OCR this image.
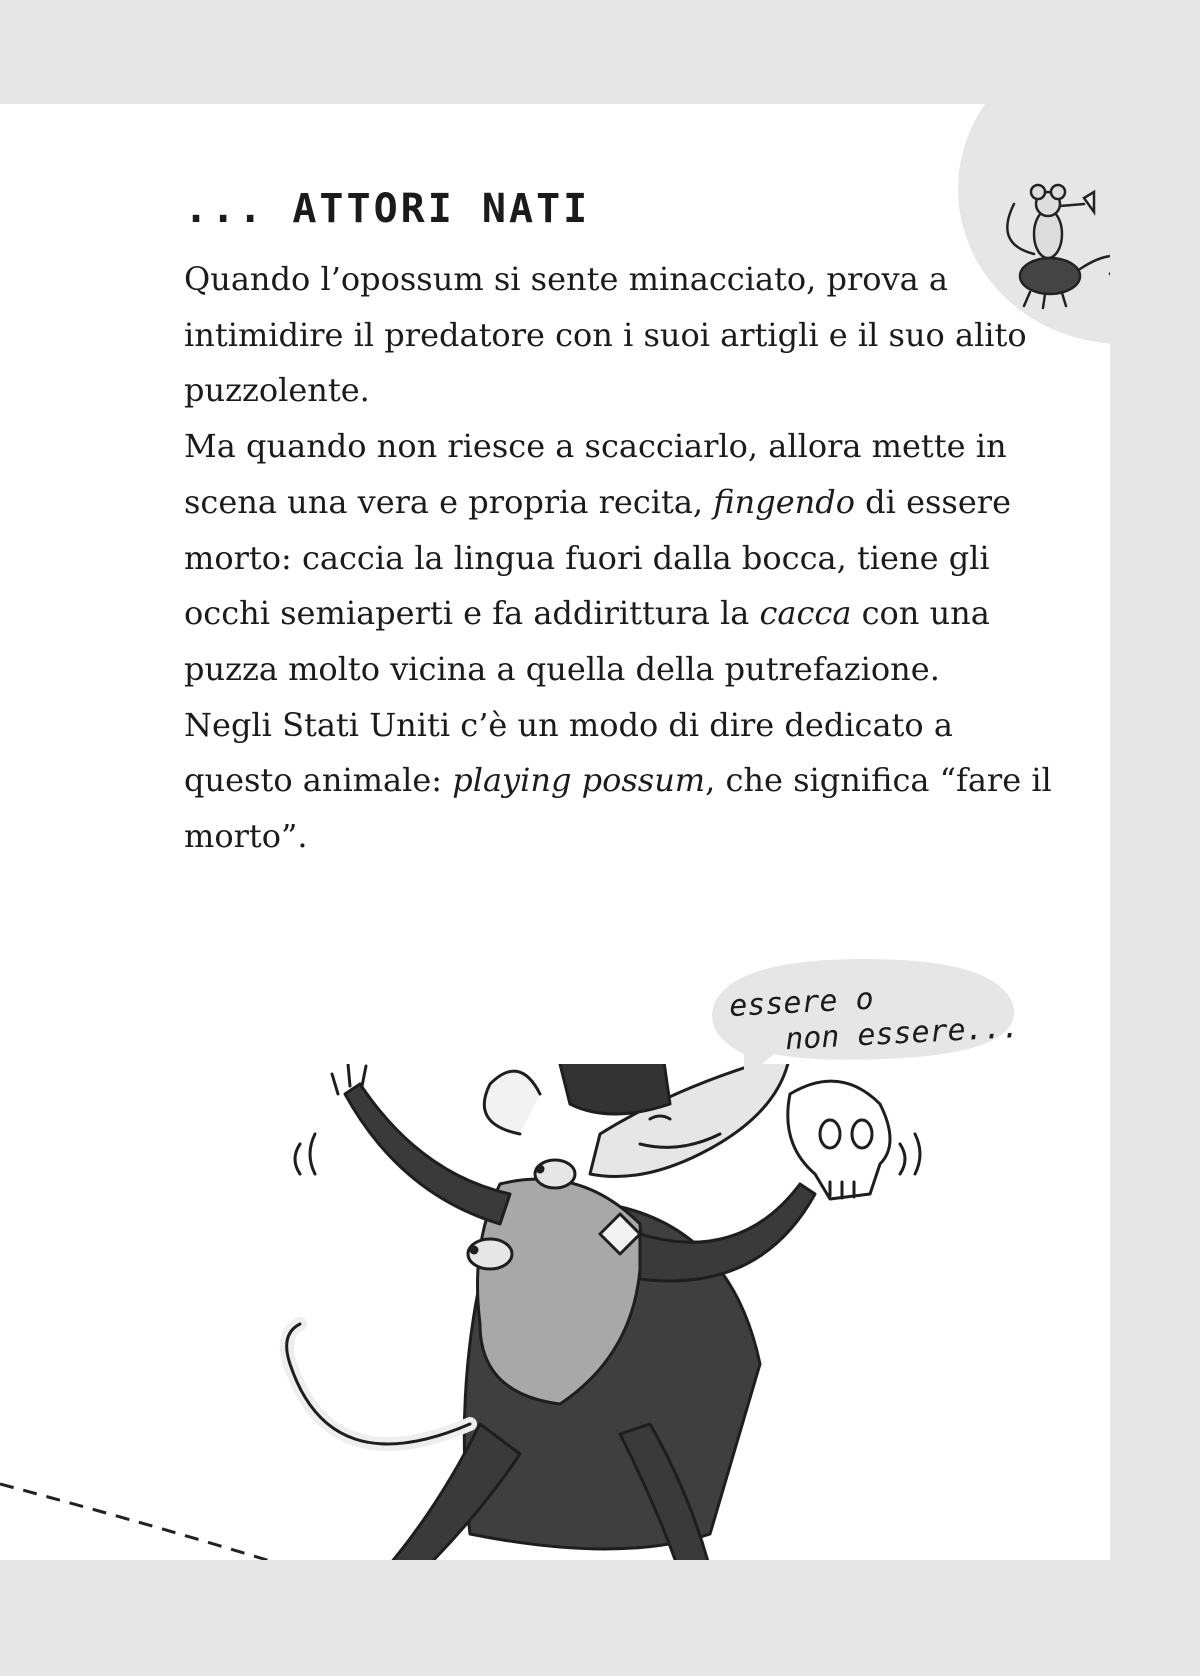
essere o
non essere...
... ATTORI NATI

Quando l’opossum si sente minacciato, prova a intimidire il predatore con i suoi artigli e il suo alito puzzolente.

Ma quando non riesce a scacciarlo, allora mette in scena una vera e propria recita, fingendo di essere morto: caccia la lingua fuori dalla bocca, tiene gli occhi semiaperti e fa addirittura la cacca con una puzza molto vicina a quella della putrefazione.

Negli Stati Uniti c’è un modo di dire dedicato a questo animale: playing possum, che significa “fare il morto”.
